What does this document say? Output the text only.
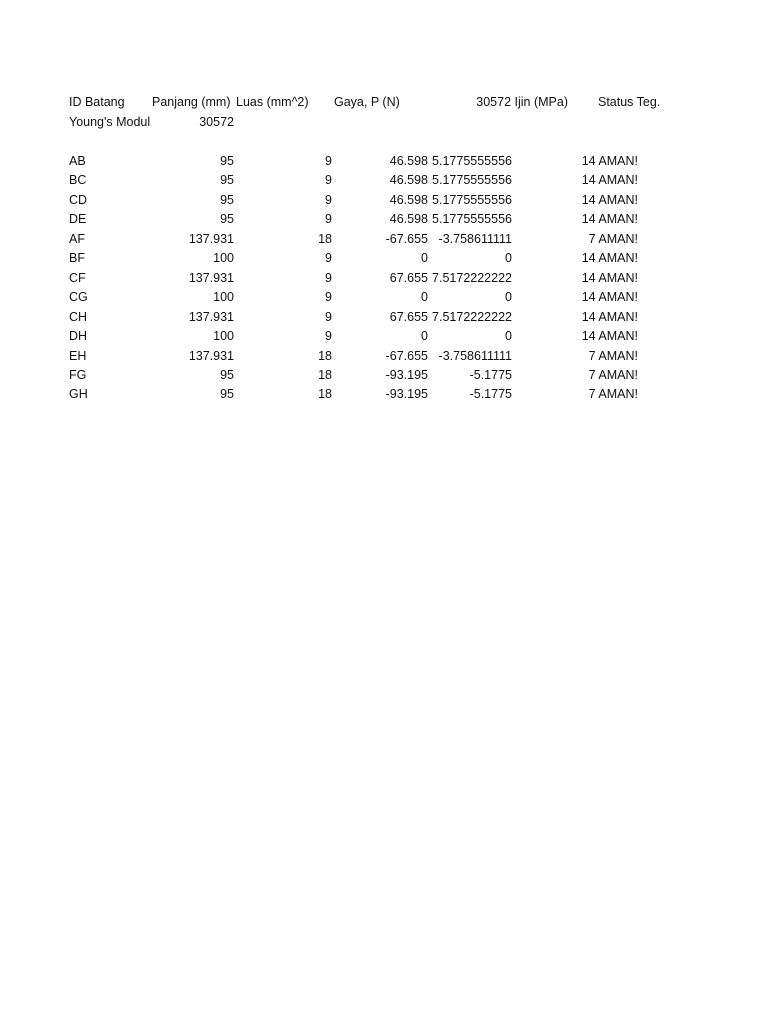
ID Batang Panjang (mm) Luas (mm^2) Gaya, P (N)	30572 Ijin (MPa) Status Teg.
Young's Modul	30572
AB	95	9	46.598 5.1775555556	14 AMAN!
BC	95	9	46.598 5.1775555556	14 AMAN!
CD	95	9	46.598 5.1775555556	14 AMAN!
DE	95	9	46.598 5.1775555556	14 AMAN!
AF	137.931	18	-67.655 -3.758611111	7 AMAN!
BF	100	9	0	0	14 AMAN!
CF	137.931	9	67.655 7.5172222222	14 AMAN!
CG	100	9	0	0	14 AMAN!
CH	137.931	9	67.655 7.5172222222	14 AMAN!
DH	100	9	0	0	14 AMAN!
EH	137.931	18	-67.655 -3.758611111	7 AMAN!
FG	95	18	-93.195	-5.1775	7 AMAN!
GH	95	18	-93.195	-5.1775	7 AMAN!
